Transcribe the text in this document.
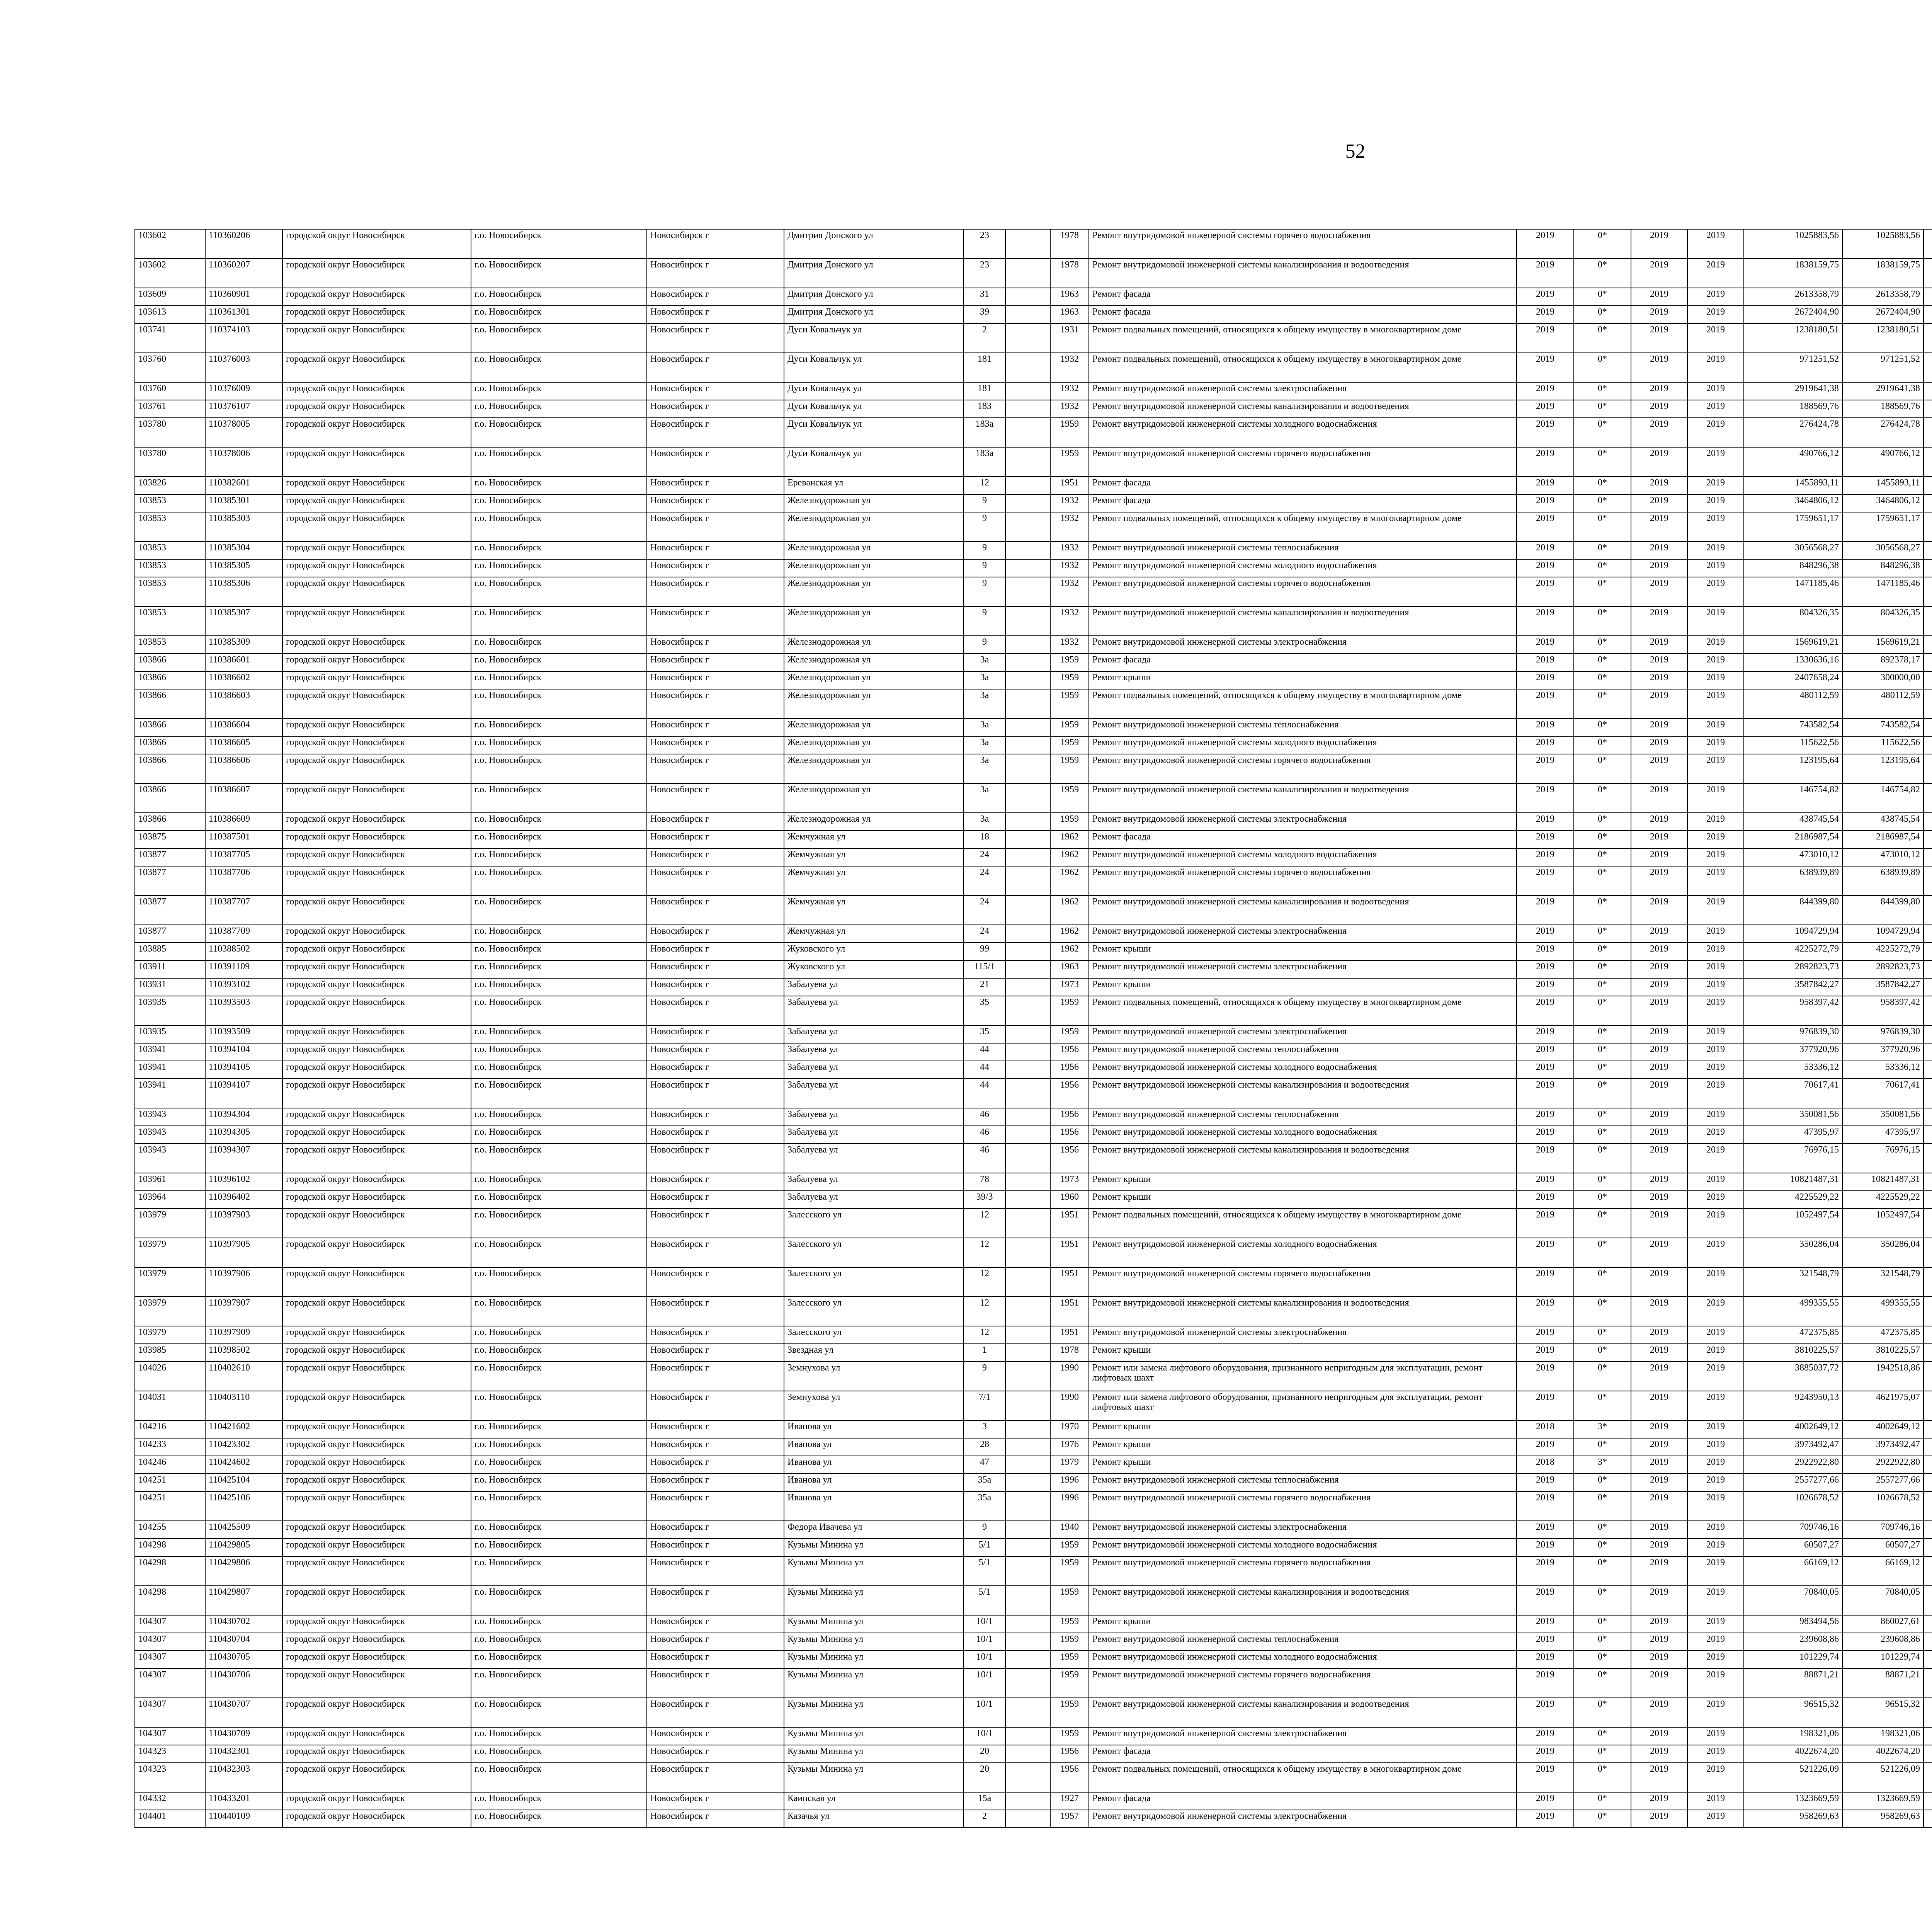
52
103602	110360206	городской округ Новосибирск	г.о. Новосибирск	Новосибирск г	Дмитрия Донского ул	23		1978	Ремонт внутридомовой инженерной системы горячего водоснабжения	2019	0*	2019	2019	1025883,56	1025883,56							
103602	110360207	городской округ Новосибирск	г.о. Новосибирск	Новосибирск г	Дмитрия Донского ул	23		1978	Ремонт внутридомовой инженерной системы канализирования и водоотведения	2019	0*	2019	2019	1838159,75	1838159,75							
103609	110360901	городской округ Новосибирск	г.о. Новосибирск	Новосибирск г	Дмитрия Донского ул	31		1963	Ремонт фасада	2019	0*	2019	2019	2613358,79	2613358,79							
103613	110361301	городской округ Новосибирск	г.о. Новосибирск	Новосибирск г	Дмитрия Донского ул	39		1963	Ремонт фасада	2019	0*	2019	2019	2672404,90	2672404,90							
103741	110374103	городской округ Новосибирск	г.о. Новосибирск	Новосибирск г	Дуси Ковальчук ул	2		1931	Ремонт подвальных помещений, относящихся к общему имуществу в многоквартирном доме	2019	0*	2019	2019	1238180,51	1238180,51							
103760	110376003	городской округ Новосибирск	г.о. Новосибирск	Новосибирск г	Дуси Ковальчук ул	181		1932	Ремонт подвальных помещений, относящихся к общему имуществу в многоквартирном доме	2019	0*	2019	2019	971251,52	971251,52							
103760	110376009	городской округ Новосибирск	г.о. Новосибирск	Новосибирск г	Дуси Ковальчук ул	181		1932	Ремонт внутридомовой инженерной системы электроснабжения	2019	0*	2019	2019	2919641,38	2919641,38							
103761	110376107	городской округ Новосибирск	г.о. Новосибирск	Новосибирск г	Дуси Ковальчук ул	183		1932	Ремонт внутридомовой инженерной системы канализирования и водоотведения	2019	0*	2019	2019	188569,76	188569,76							
103780	110378005	городской округ Новосибирск	г.о. Новосибирск	Новосибирск г	Дуси Ковальчук ул	183а		1959	Ремонт внутридомовой инженерной системы холодного водоснабжения	2019	0*	2019	2019	276424,78	276424,78							
103780	110378006	городской округ Новосибирск	г.о. Новосибирск	Новосибирск г	Дуси Ковальчук ул	183а		1959	Ремонт внутридомовой инженерной системы горячего водоснабжения	2019	0*	2019	2019	490766,12	490766,12							
103826	110382601	городской округ Новосибирск	г.о. Новосибирск	Новосибирск г	Ереванская ул	12		1951	Ремонт фасада	2019	0*	2019	2019	1455893,11	1455893,11							
103853	110385301	городской округ Новосибирск	г.о. Новосибирск	Новосибирск г	Железнодорожная ул	9		1932	Ремонт фасада	2019	0*	2019	2019	3464806,12	3464806,12							
103853	110385303	городской округ Новосибирск	г.о. Новосибирск	Новосибирск г	Железнодорожная ул	9		1932	Ремонт подвальных помещений, относящихся к общему имуществу в многоквартирном доме	2019	0*	2019	2019	1759651,17	1759651,17							
103853	110385304	городской округ Новосибирск	г.о. Новосибирск	Новосибирск г	Железнодорожная ул	9		1932	Ремонт внутридомовой инженерной системы теплоснабжения	2019	0*	2019	2019	3056568,27	3056568,27							
103853	110385305	городской округ Новосибирск	г.о. Новосибирск	Новосибирск г	Железнодорожная ул	9		1932	Ремонт внутридомовой инженерной системы холодного водоснабжения	2019	0*	2019	2019	848296,38	848296,38							
103853	110385306	городской округ Новосибирск	г.о. Новосибирск	Новосибирск г	Железнодорожная ул	9		1932	Ремонт внутридомовой инженерной системы горячего водоснабжения	2019	0*	2019	2019	1471185,46	1471185,46							
103853	110385307	городской округ Новосибирск	г.о. Новосибирск	Новосибирск г	Железнодорожная ул	9		1932	Ремонт внутридомовой инженерной системы канализирования и водоотведения	2019	0*	2019	2019	804326,35	804326,35							
103853	110385309	городской округ Новосибирск	г.о. Новосибирск	Новосибирск г	Железнодорожная ул	9		1932	Ремонт внутридомовой инженерной системы электроснабжения	2019	0*	2019	2019	1569619,21	1569619,21							
103866	110386601	городской округ Новосибирск	г.о. Новосибирск	Новосибирск г	Железнодорожная ул	3а		1959	Ремонт фасада	2019	0*	2019	2019	1330636,16	892378,17							
103866	110386602	городской округ Новосибирск	г.о. Новосибирск	Новосибирск г	Железнодорожная ул	3а		1959	Ремонт крыши	2019	0*	2019	2019	2407658,24	300000,00							
103866	110386603	городской округ Новосибирск	г.о. Новосибирск	Новосибирск г	Железнодорожная ул	3а		1959	Ремонт подвальных помещений, относящихся к общему имуществу в многоквартирном доме	2019	0*	2019	2019	480112,59	480112,59							
103866	110386604	городской округ Новосибирск	г.о. Новосибирск	Новосибирск г	Железнодорожная ул	3а		1959	Ремонт внутридомовой инженерной системы теплоснабжения	2019	0*	2019	2019	743582,54	743582,54							
103866	110386605	городской округ Новосибирск	г.о. Новосибирск	Новосибирск г	Железнодорожная ул	3а		1959	Ремонт внутридомовой инженерной системы холодного водоснабжения	2019	0*	2019	2019	115622,56	115622,56							
103866	110386606	городской округ Новосибирск	г.о. Новосибирск	Новосибирск г	Железнодорожная ул	3а		1959	Ремонт внутридомовой инженерной системы горячего водоснабжения	2019	0*	2019	2019	123195,64	123195,64							
103866	110386607	городской округ Новосибирск	г.о. Новосибирск	Новосибирск г	Железнодорожная ул	3а		1959	Ремонт внутридомовой инженерной системы канализирования и водоотведения	2019	0*	2019	2019	146754,82	146754,82							
103866	110386609	городской округ Новосибирск	г.о. Новосибирск	Новосибирск г	Железнодорожная ул	3а		1959	Ремонт внутридомовой инженерной системы электроснабжения	2019	0*	2019	2019	438745,54	438745,54							
103875	110387501	городской округ Новосибирск	г.о. Новосибирск	Новосибирск г	Жемчужная ул	18		1962	Ремонт фасада	2019	0*	2019	2019	2186987,54	2186987,54							
103877	110387705	городской округ Новосибирск	г.о. Новосибирск	Новосибирск г	Жемчужная ул	24		1962	Ремонт внутридомовой инженерной системы холодного водоснабжения	2019	0*	2019	2019	473010,12	473010,12							
103877	110387706	городской округ Новосибирск	г.о. Новосибирск	Новосибирск г	Жемчужная ул	24		1962	Ремонт внутридомовой инженерной системы горячего водоснабжения	2019	0*	2019	2019	638939,89	638939,89							
103877	110387707	городской округ Новосибирск	г.о. Новосибирск	Новосибирск г	Жемчужная ул	24		1962	Ремонт внутридомовой инженерной системы канализирования и водоотведения	2019	0*	2019	2019	844399,80	844399,80							
103877	110387709	городской округ Новосибирск	г.о. Новосибирск	Новосибирск г	Жемчужная ул	24		1962	Ремонт внутридомовой инженерной системы электроснабжения	2019	0*	2019	2019	1094729,94	1094729,94							
103885	110388502	городской округ Новосибирск	г.о. Новосибирск	Новосибирск г	Жуковского ул	99		1962	Ремонт крыши	2019	0*	2019	2019	4225272,79	4225272,79							
103911	110391109	городской округ Новосибирск	г.о. Новосибирск	Новосибирск г	Жуковского ул	115/1		1963	Ремонт внутридомовой инженерной системы электроснабжения	2019	0*	2019	2019	2892823,73	2892823,73							
103931	110393102	городской округ Новосибирск	г.о. Новосибирск	Новосибирск г	Забалуева ул	21		1973	Ремонт крыши	2019	0*	2019	2019	3587842,27	3587842,27							
103935	110393503	городской округ Новосибирск	г.о. Новосибирск	Новосибирск г	Забалуева ул	35		1959	Ремонт подвальных помещений, относящихся к общему имуществу в многоквартирном доме	2019	0*	2019	2019	958397,42	958397,42							
103935	110393509	городской округ Новосибирск	г.о. Новосибирск	Новосибирск г	Забалуева ул	35		1959	Ремонт внутридомовой инженерной системы электроснабжения	2019	0*	2019	2019	976839,30	976839,30							
103941	110394104	городской округ Новосибирск	г.о. Новосибирск	Новосибирск г	Забалуева ул	44		1956	Ремонт внутридомовой инженерной системы теплоснабжения	2019	0*	2019	2019	377920,96	377920,96							
103941	110394105	городской округ Новосибирск	г.о. Новосибирск	Новосибирск г	Забалуева ул	44		1956	Ремонт внутридомовой инженерной системы холодного водоснабжения	2019	0*	2019	2019	53336,12	53336,12							
103941	110394107	городской округ Новосибирск	г.о. Новосибирск	Новосибирск г	Забалуева ул	44		1956	Ремонт внутридомовой инженерной системы канализирования и водоотведения	2019	0*	2019	2019	70617,41	70617,41							
103943	110394304	городской округ Новосибирск	г.о. Новосибирск	Новосибирск г	Забалуева ул	46		1956	Ремонт внутридомовой инженерной системы теплоснабжения	2019	0*	2019	2019	350081,56	350081,56							
103943	110394305	городской округ Новосибирск	г.о. Новосибирск	Новосибирск г	Забалуева ул	46		1956	Ремонт внутридомовой инженерной системы холодного водоснабжения	2019	0*	2019	2019	47395,97	47395,97							
103943	110394307	городской округ Новосибирск	г.о. Новосибирск	Новосибирск г	Забалуева ул	46		1956	Ремонт внутридомовой инженерной системы канализирования и водоотведения	2019	0*	2019	2019	76976,15	76976,15							
103961	110396102	городской округ Новосибирск	г.о. Новосибирск	Новосибирск г	Забалуева ул	78		1973	Ремонт крыши	2019	0*	2019	2019	10821487,31	10821487,31							
103964	110396402	городской округ Новосибирск	г.о. Новосибирск	Новосибирск г	Забалуева ул	39/3		1960	Ремонт крыши	2019	0*	2019	2019	4225529,22	4225529,22							
103979	110397903	городской округ Новосибирск	г.о. Новосибирск	Новосибирск г	Залесского ул	12		1951	Ремонт подвальных помещений, относящихся к общему имуществу в многоквартирном доме	2019	0*	2019	2019	1052497,54	1052497,54							
103979	110397905	городской округ Новосибирск	г.о. Новосибирск	Новосибирск г	Залесского ул	12		1951	Ремонт внутридомовой инженерной системы холодного водоснабжения	2019	0*	2019	2019	350286,04	350286,04							
103979	110397906	городской округ Новосибирск	г.о. Новосибирск	Новосибирск г	Залесского ул	12		1951	Ремонт внутридомовой инженерной системы горячего водоснабжения	2019	0*	2019	2019	321548,79	321548,79							
103979	110397907	городской округ Новосибирск	г.о. Новосибирск	Новосибирск г	Залесского ул	12		1951	Ремонт внутридомовой инженерной системы канализирования и водоотведения	2019	0*	2019	2019	499355,55	499355,55							
103979	110397909	городской округ Новосибирск	г.о. Новосибирск	Новосибирск г	Залесского ул	12		1951	Ремонт внутридомовой инженерной системы электроснабжения	2019	0*	2019	2019	472375,85	472375,85							
103985	110398502	городской округ Новосибирск	г.о. Новосибирск	Новосибирск г	Звездная ул	1		1978	Ремонт крыши	2019	0*	2019	2019	3810225,57	3810225,57							
104026	110402610	городской округ Новосибирск	г.о. Новосибирск	Новосибирск г	Земнухова ул	9		1990	Ремонт или замена лифтового оборудования, признанного непригодным для эксплуатации, ремонт лифтовых шахт	2019	0*	2019	2019	3885037,72	1942518,86							
104031	110403110	городской округ Новосибирск	г.о. Новосибирск	Новосибирск г	Земнухова ул	7/1		1990	Ремонт или замена лифтового оборудования, признанного непригодным для эксплуатации, ремонт лифтовых шахт	2019	0*	2019	2019	9243950,13	4621975,07							
104216	110421602	городской округ Новосибирск	г.о. Новосибирск	Новосибирск г	Иванова ул	3		1970	Ремонт крыши	2018	3*	2019	2019	4002649,12	4002649,12							
104233	110423302	городской округ Новосибирск	г.о. Новосибирск	Новосибирск г	Иванова ул	28		1976	Ремонт крыши	2019	0*	2019	2019	3973492,47	3973492,47							
104246	110424602	городской округ Новосибирск	г.о. Новосибирск	Новосибирск г	Иванова ул	47		1979	Ремонт крыши	2018	3*	2019	2019	2922922,80	2922922,80							
104251	110425104	городской округ Новосибирск	г.о. Новосибирск	Новосибирск г	Иванова ул	35а		1996	Ремонт внутридомовой инженерной системы теплоснабжения	2019	0*	2019	2019	2557277,66	2557277,66							
104251	110425106	городской округ Новосибирск	г.о. Новосибирск	Новосибирск г	Иванова ул	35а		1996	Ремонт внутридомовой инженерной системы горячего водоснабжения	2019	0*	2019	2019	1026678,52	1026678,52							
104255	110425509	городской округ Новосибирск	г.о. Новосибирск	Новосибирск г	Федора Ивачева ул	9		1940	Ремонт внутридомовой инженерной системы электроснабжения	2019	0*	2019	2019	709746,16	709746,16							
104298	110429805	городской округ Новосибирск	г.о. Новосибирск	Новосибирск г	Кузьмы Минина ул	5/1		1959	Ремонт внутридомовой инженерной системы холодного водоснабжения	2019	0*	2019	2019	60507,27	60507,27							
104298	110429806	городской округ Новосибирск	г.о. Новосибирск	Новосибирск г	Кузьмы Минина ул	5/1		1959	Ремонт внутридомовой инженерной системы горячего водоснабжения	2019	0*	2019	2019	66169,12	66169,12							
104298	110429807	городской округ Новосибирск	г.о. Новосибирск	Новосибирск г	Кузьмы Минина ул	5/1		1959	Ремонт внутридомовой инженерной системы канализирования и водоотведения	2019	0*	2019	2019	70840,05	70840,05							
104307	110430702	городской округ Новосибирск	г.о. Новосибирск	Новосибирск г	Кузьмы Минина ул	10/1		1959	Ремонт крыши	2019	0*	2019	2019	983494,56	860027,61							
104307	110430704	городской округ Новосибирск	г.о. Новосибирск	Новосибирск г	Кузьмы Минина ул	10/1		1959	Ремонт внутридомовой инженерной системы теплоснабжения	2019	0*	2019	2019	239608,86	239608,86							
104307	110430705	городской округ Новосибирск	г.о. Новосибирск	Новосибирск г	Кузьмы Минина ул	10/1		1959	Ремонт внутридомовой инженерной системы холодного водоснабжения	2019	0*	2019	2019	101229,74	101229,74							
104307	110430706	городской округ Новосибирск	г.о. Новосибирск	Новосибирск г	Кузьмы Минина ул	10/1		1959	Ремонт внутридомовой инженерной системы горячего водоснабжения	2019	0*	2019	2019	88871,21	88871,21							
104307	110430707	городской округ Новосибирск	г.о. Новосибирск	Новосибирск г	Кузьмы Минина ул	10/1		1959	Ремонт внутридомовой инженерной системы канализирования и водоотведения	2019	0*	2019	2019	96515,32	96515,32							
104307	110430709	городской округ Новосибирск	г.о. Новосибирск	Новосибирск г	Кузьмы Минина ул	10/1		1959	Ремонт внутридомовой инженерной системы электроснабжения	2019	0*	2019	2019	198321,06	198321,06							
104323	110432301	городской округ Новосибирск	г.о. Новосибирск	Новосибирск г	Кузьмы Минина ул	20		1956	Ремонт фасада	2019	0*	2019	2019	4022674,20	4022674,20							
104323	110432303	городской округ Новосибирск	г.о. Новосибирск	Новосибирск г	Кузьмы Минина ул	20		1956	Ремонт подвальных помещений, относящихся к общему имуществу в многоквартирном доме	2019	0*	2019	2019	521226,09	521226,09							
104332	110433201	городской округ Новосибирск	г.о. Новосибирск	Новосибирск г	Каинская ул	15а		1927	Ремонт фасада	2019	0*	2019	2019	1323669,59	1323669,59							
104401	110440109	городской округ Новосибирск	г.о. Новосибирск	Новосибирск г	Казачья ул	2		1957	Ремонт внутридомовой инженерной системы электроснабжения	2019	0*	2019	2019	958269,63	958269,63							
